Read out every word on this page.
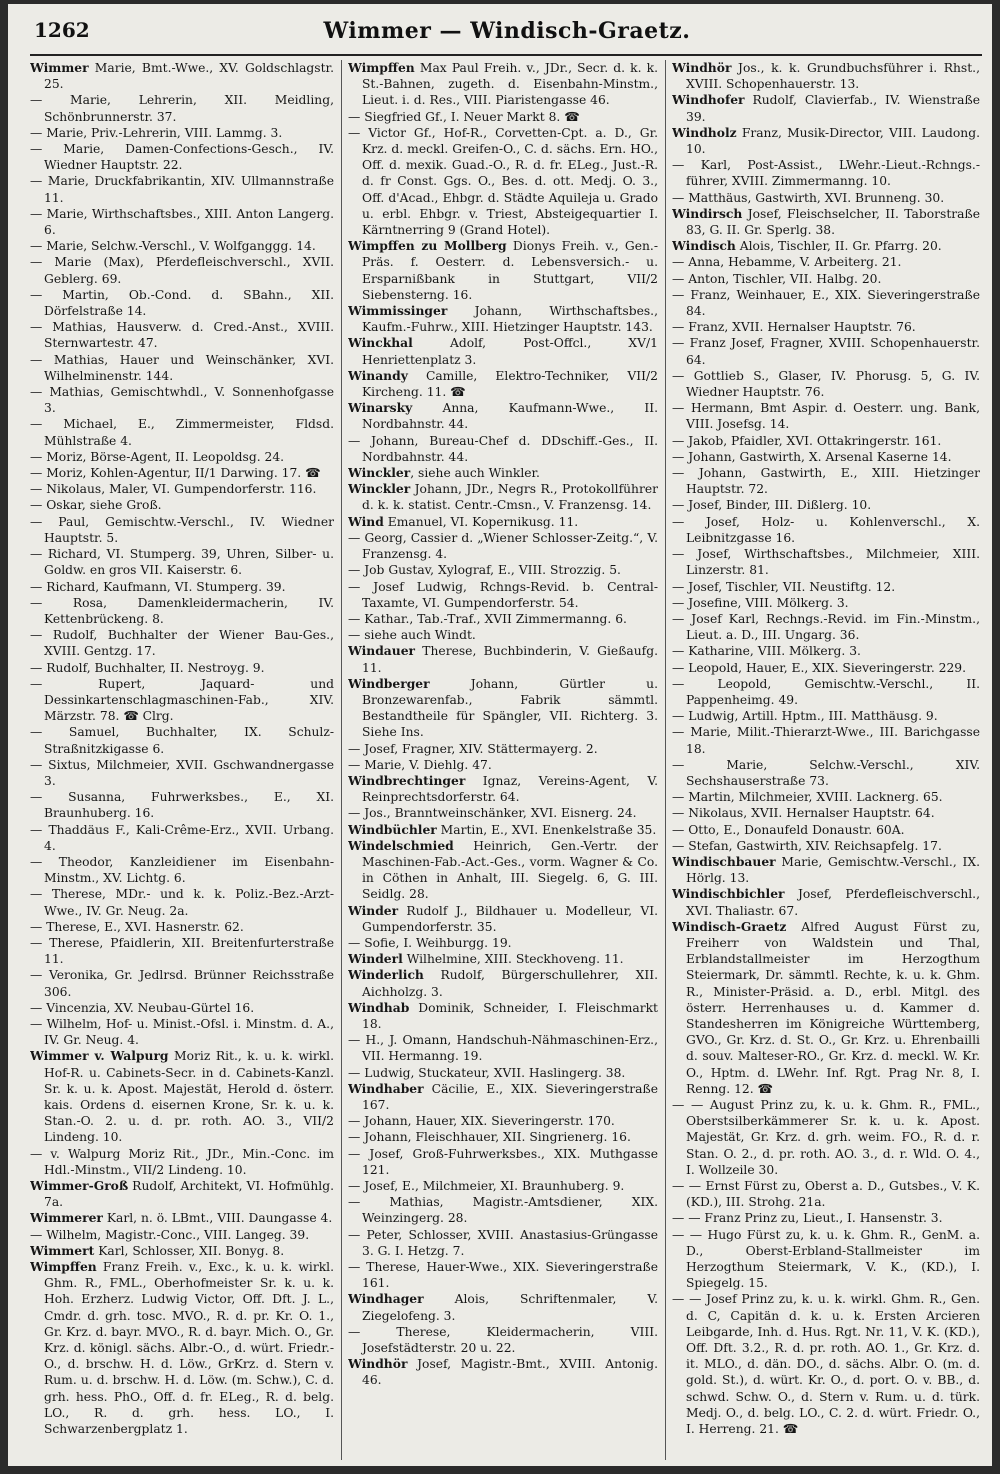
1262	Wimmer — Windisch-Graetz.

Wimmer Marie, Bmt.-Wwe., XV. Goldschlagstr. 25.

— Marie, Lehrerin, XII. Meidling, Schönbrunnerstr. 37.

— Marie, Priv.-Lehrerin, VIII. Lammg. 3.

— Marie, Damen-Confections-Gesch., IV. Wiedner Hauptstr. 22.

— Marie, Druckfabrikantin, XIV. Ullmannstraße 11.

— Marie, Wirthschaftsbes., XIII. Anton Langerg. 6.

— Marie, Selchw.-Verschl., V. Wolfganggg. 14.

— Marie (Max), Pferdefleischverschl., XVII. Geblerg. 69.

— Martin, Ob.-Cond. d. SBahn., XII. Dörfelstraße 14.

— Mathias, Hausverw. d. Cred.-Anst., XVIII. Sternwartestr. 47.

— Mathias, Hauer und Weinschänker, XVI. Wilhelminenstr. 144.

— Mathias, Gemischtwhdl., V. Sonnenhofgasse 3.

— Michael, E., Zimmermeister, Fldsd. Mühlstraße 4.

— Moriz, Börse-Agent, II. Leopoldsg. 24.

— Moriz, Kohlen-Agentur, II/1 Darwing. 17. ☎

— Nikolaus, Maler, VI. Gumpendorferstr. 116.

— Oskar, siehe Groß.

— Paul, Gemischtw.-Verschl., IV. Wiedner Hauptstr. 5.

— Richard, VI. Stumperg. 39, Uhren, Silber- u. Goldw. en gros VII. Kaiserstr. 6.

— Richard, Kaufmann, VI. Stumperg. 39.

— Rosa, Damenkleidermacherin, IV. Kettenbrückeng. 8.

— Rudolf, Buchhalter der Wiener Bau-Ges., XVIII. Gentzg. 17.

— Rudolf, Buchhalter, II. Nestroyg. 9.

— Rupert, Jaquard- und Dessinkartenschlagmaschinen-Fab., XIV. Märzstr. 78. ☎ Clrg.

— Samuel, Buchhalter, IX. Schulz-Straßnitzkigasse 6.

— Sixtus, Milchmeier, XVII. Gschwandnergasse 3.

— Susanna, Fuhrwerksbes., E., XI. Braunhuberg. 16.

— Thaddäus F., Kali-Crême-Erz., XVII. Urbang. 4.

— Theodor, Kanzleidiener im Eisenbahn-Minstm., XV. Lichtg. 6.

— Therese, MDr.- und k. k. Poliz.-Bez.-Arzt-Wwe., IV. Gr. Neug. 2a.

— Therese, E., XVI. Hasnerstr. 62.

— Therese, Pfaidlerin, XII. Breitenfurterstraße 11.

— Veronika, Gr. Jedlrsd. Brünner Reichsstraße 306.

— Vincenzia, XV. Neubau-Gürtel 16.

— Wilhelm, Hof- u. Minist.-Ofsl. i. Minstm. d. A., IV. Gr. Neug. 4.

Wimmer v. Walpurg Moriz Rit., k. u. k. wirkl. Hof-R. u. Cabinets-Secr. in d. Cabinets-Kanzl. Sr. k. u. k. Apost. Majestät, Herold d. österr. kais. Ordens d. eisernen Krone, Sr. k. u. k. Stan.-O. 2. u. d. pr. roth. AO. 3., VII/2 Lindeng. 10.

— v. Walpurg Moriz Rit., JDr., Min.-Conc. im Hdl.-Minstm., VII/2 Lindeng. 10.

Wimmer-Groß Rudolf, Architekt, VI. Hofmühlg. 7a.

Wimmerer Karl, n. ö. LBmt., VIII. Daungasse 4.

— Wilhelm, Magistr.-Conc., VIII. Langeg. 39.

Wimmert Karl, Schlosser, XII. Bonyg. 8.

Wimpffen Franz Freih. v., Exc., k. u. k. wirkl. Ghm. R., FML., Oberhofmeister Sr. k. u. k. Hoh. Erzherz. Ludwig Victor, Off. Dft. J. L., Cmdr. d. grh. tosc. MVO., R. d. pr. Kr. O. 1., Gr. Krz. d. bayr. MVO., R. d. bayr. Mich. O., Gr. Krz. d. königl. sächs. Albr.-O., d. würt. Friedr.-O., d. brschw. H. d. Löw., GrKrz. d. Stern v. Rum. u. d. brschw. H. d. Löw. (m. Schw.), C. d. grh. hess. PhO., Off. d. fr. ELeg., R. d. belg. LO., R. d. grh. hess. LO., I. Schwarzenbergplatz 1.

Wimpffen Max Paul Freih. v., JDr., Secr. d. k. k. St.-Bahnen, zugeth. d. Eisenbahn-Minstm., Lieut. i. d. Res., VIII. Piaristengasse 46.

— Siegfried Gf., I. Neuer Markt 8. ☎

— Victor Gf., Hof-R., Corvetten-Cpt. a. D., Gr. Krz. d. meckl. Greifen-O., C. d. sächs. Ern. HO., Off. d. mexik. Guad.-O., R. d. fr. ELeg., Just.-R. d. fr Const. Ggs. O., Bes. d. ott. Medj. O. 3., Off. d'Acad., Ehbgr. d. Städte Aquileja u. Grado u. erbl. Ehbgr. v. Triest, Absteigequartier I. Kärntnerring 9 (Grand Hotel).

Wimpffen zu Mollberg Dionys Freih. v., Gen.-Präs. f. Oesterr. d. Lebensversich.- u. Ersparnißbank in Stuttgart, VII/2 Siebensterng. 16.

Wimmissinger Johann, Wirthschaftsbes., Kaufm.-Fuhrw., XIII. Hietzinger Hauptstr. 143.

Winckhal Adolf, Post-Offcl., XV/1 Henriettenplatz 3.

Winandy Camille, Elektro-Techniker, VII/2 Kircheng. 11. ☎

Winarsky Anna, Kaufmann-Wwe., II. Nordbahnstr. 44.

— Johann, Bureau-Chef d. DDschiff.-Ges., II. Nordbahnstr. 44.

Winckler, siehe auch Winkler.

Winckler Johann, JDr., Negrs R., Protokollführer d. k. k. statist. Centr.-Cmsn., V. Franzensg. 14.

Wind Emanuel, VI. Kopernikusg. 11.

— Georg, Cassier d. „Wiener Schlosser-Zeitg.“, V. Franzensg. 4.

— Job Gustav, Xylograf, E., VIII. Strozzig. 5.

— Josef Ludwig, Rchngs-Revid. b. Central-Taxamte, VI. Gumpendorferstr. 54.

— Kathar., Tab.-Traf., XVII Zimmermanng. 6.

— siehe auch Windt.

Windauer Therese, Buchbinderin, V. Gießaufg. 11.

Windberger Johann, Gürtler u. Bronzewarenfab., Fabrik sämmtl. Bestandtheile für Spängler, VII. Richterg. 3. Siehe Ins.

— Josef, Fragner, XIV. Stättermayerg. 2.

— Marie, V. Diehlg. 47.

Windbrechtinger Ignaz, Vereins-Agent, V. Reinprechtsdorferstr. 64.

— Jos., Branntweinschänker, XVI. Eisnerg. 24.

Windbüchler Martin, E., XVI. Enenkelstraße 35.

Windelschmied Heinrich, Gen.-Vertr. der Maschinen-Fab.-Act.-Ges., vorm. Wagner & Co. in Cöthen in Anhalt, III. Siegelg. 6, G. III. Seidlg. 28.

Winder Rudolf J., Bildhauer u. Modelleur, VI. Gumpendorferstr. 35.

— Sofie, I. Weihburgg. 19.

Winderl Wilhelmine, XIII. Steckhoveng. 11.

Winderlich Rudolf, Bürgerschullehrer, XII. Aichholzg. 3.

Windhab Dominik, Schneider, I. Fleischmarkt 18.

— H., J. Omann, Handschuh-Nähmaschinen-Erz., VII. Hermanng. 19.

— Ludwig, Stuckateur, XVII. Haslingerg. 38.

Windhaber Cäcilie, E., XIX. Sieveringerstraße 167.

— Johann, Hauer, XIX. Sieveringerstr. 170.

— Johann, Fleischhauer, XII. Singrienerg. 16.

— Josef, Groß-Fuhrwerksbes., XIX. Muthgasse 121.

— Josef, E., Milchmeier, XI. Braunhuberg. 9.

— Mathias, Magistr.-Amtsdiener, XIX. Weinzingerg. 28.

— Peter, Schlosser, XVIII. Anastasius-Grüngasse 3. G. I. Hetzg. 7.

— Therese, Hauer-Wwe., XIX. Sieveringerstraße 161.

Windhager Alois, Schriftenmaler, V. Ziegelofeng. 3.

— Therese, Kleidermacherin, VIII. Josefstädterstr. 20 u. 22.

Windhör Josef, Magistr.-Bmt., XVIII. Antonig. 46.

Windhör Jos., k. k. Grundbuchsführer i. Rhst., XVIII. Schopenhauerstr. 13.

Windhofer Rudolf, Clavierfab., IV. Wienstraße 39.

Windholz Franz, Musik-Director, VIII. Laudong. 10.

— Karl, Post-Assist., LWehr.-Lieut.-Rchngs.-führer, XVIII. Zimmermanng. 10.

— Matthäus, Gastwirth, XVI. Brunneng. 30.

Windirsch Josef, Fleischselcher, II. Taborstraße 83, G. II. Gr. Sperlg. 38.

Windisch Alois, Tischler, II. Gr. Pfarrg. 20.

— Anna, Hebamme, V. Arbeiterg. 21.

— Anton, Tischler, VII. Halbg. 20.

— Franz, Weinhauer, E., XIX. Sieveringerstraße 84.

— Franz, XVII. Hernalser Hauptstr. 76.

— Franz Josef, Fragner, XVIII. Schopenhauerstr. 64.

— Gottlieb S., Glaser, IV. Phorusg. 5, G. IV. Wiedner Hauptstr. 76.

— Hermann, Bmt Aspir. d. Oesterr. ung. Bank, VIII. Josefsg. 14.

— Jakob, Pfaidler, XVI. Ottakringerstr. 161.

— Johann, Gastwirth, X. Arsenal Kaserne 14.

— Johann, Gastwirth, E., XIII. Hietzinger Hauptstr. 72.

— Josef, Binder, III. Dißlerg. 10.

— Josef, Holz- u. Kohlenverschl., X. Leibnitzgasse 16.

— Josef, Wirthschaftsbes., Milchmeier, XIII. Linzerstr. 81.

— Josef, Tischler, VII. Neustiftg. 12.

— Josefine, VIII. Mölkerg. 3.

— Josef Karl, Rechngs.-Revid. im Fin.-Minstm., Lieut. a. D., III. Ungarg. 36.

— Katharine, VIII. Mölkerg. 3.

— Leopold, Hauer, E., XIX. Sieveringerstr. 229.

— Leopold, Gemischtw.-Verschl., II. Pappenheimg. 49.

— Ludwig, Artill. Hptm., III. Matthäusg. 9.

— Marie, Milit.-Thierarzt-Wwe., III. Barichgasse 18.

— Marie, Selchw.-Verschl., XIV. Sechshauserstraße 73.

— Martin, Milchmeier, XVIII. Lacknerg. 65.

— Nikolaus, XVII. Hernalser Hauptstr. 64.

— Otto, E., Donaufeld Donaustr. 60A.

— Stefan, Gastwirth, XIV. Reichsapfelg. 17.

Windischbauer Marie, Gemischtw.-Verschl., IX. Hörlg. 13.

Windischbichler Josef, Pferdefleischverschl., XVI. Thaliastr. 67.

Windisch-Graetz Alfred August Fürst zu, Freiherr von Waldstein und Thal, Erblandstallmeister im Herzogthum Steiermark, Dr. sämmtl. Rechte, k. u. k. Ghm. R., Minister-Präsid. a. D., erbl. Mitgl. des österr. Herrenhauses u. d. Kammer d. Standesherren im Königreiche Württemberg, GVO., Gr. Krz. d. St. O., Gr. Krz. u. Ehrenbailli d. souv. Malteser-RO., Gr. Krz. d. meckl. W. Kr. O., Hptm. d. LWehr. Inf. Rgt. Prag Nr. 8, I. Renng. 12. ☎

— — August Prinz zu, k. u. k. Ghm. R., FML., Oberstsilberkämmerer Sr. k. u. k. Apost. Majestät, Gr. Krz. d. grh. weim. FO., R. d. r. Stan. O. 2., d. pr. roth. AO. 3., d. r. Wld. O. 4., I. Wollzeile 30.

— — Ernst Fürst zu, Oberst a. D., Gutsbes., V. K. (KD.), III. Strohg. 21a.

— — Franz Prinz zu, Lieut., I. Hansenstr. 3.

— — Hugo Fürst zu, k. u. k. Ghm. R., GenM. a. D., Oberst-Erbland-Stallmeister im Herzogthum Steiermark, V. K., (KD.), I. Spiegelg. 15.

— — Josef Prinz zu, k. u. k. wirkl. Ghm. R., Gen. d. C, Capitän d. k. u. k. Ersten Arcieren Leibgarde, Inh. d. Hus. Rgt. Nr. 11, V. K. (KD.), Off. Dft. 3.2., R. d. pr. roth. AO. 1., Gr. Krz. d. it. MLO., d. dän. DO., d. sächs. Albr. O. (m. d. gold. St.), d. würt. Kr. O., d. port. O. v. BB., d. schwd. Schw. O., d. Stern v. Rum. u. d. türk. Medj. O., d. belg. LO., C. 2. d. würt. Friedr. O., I. Herreng. 21. ☎
